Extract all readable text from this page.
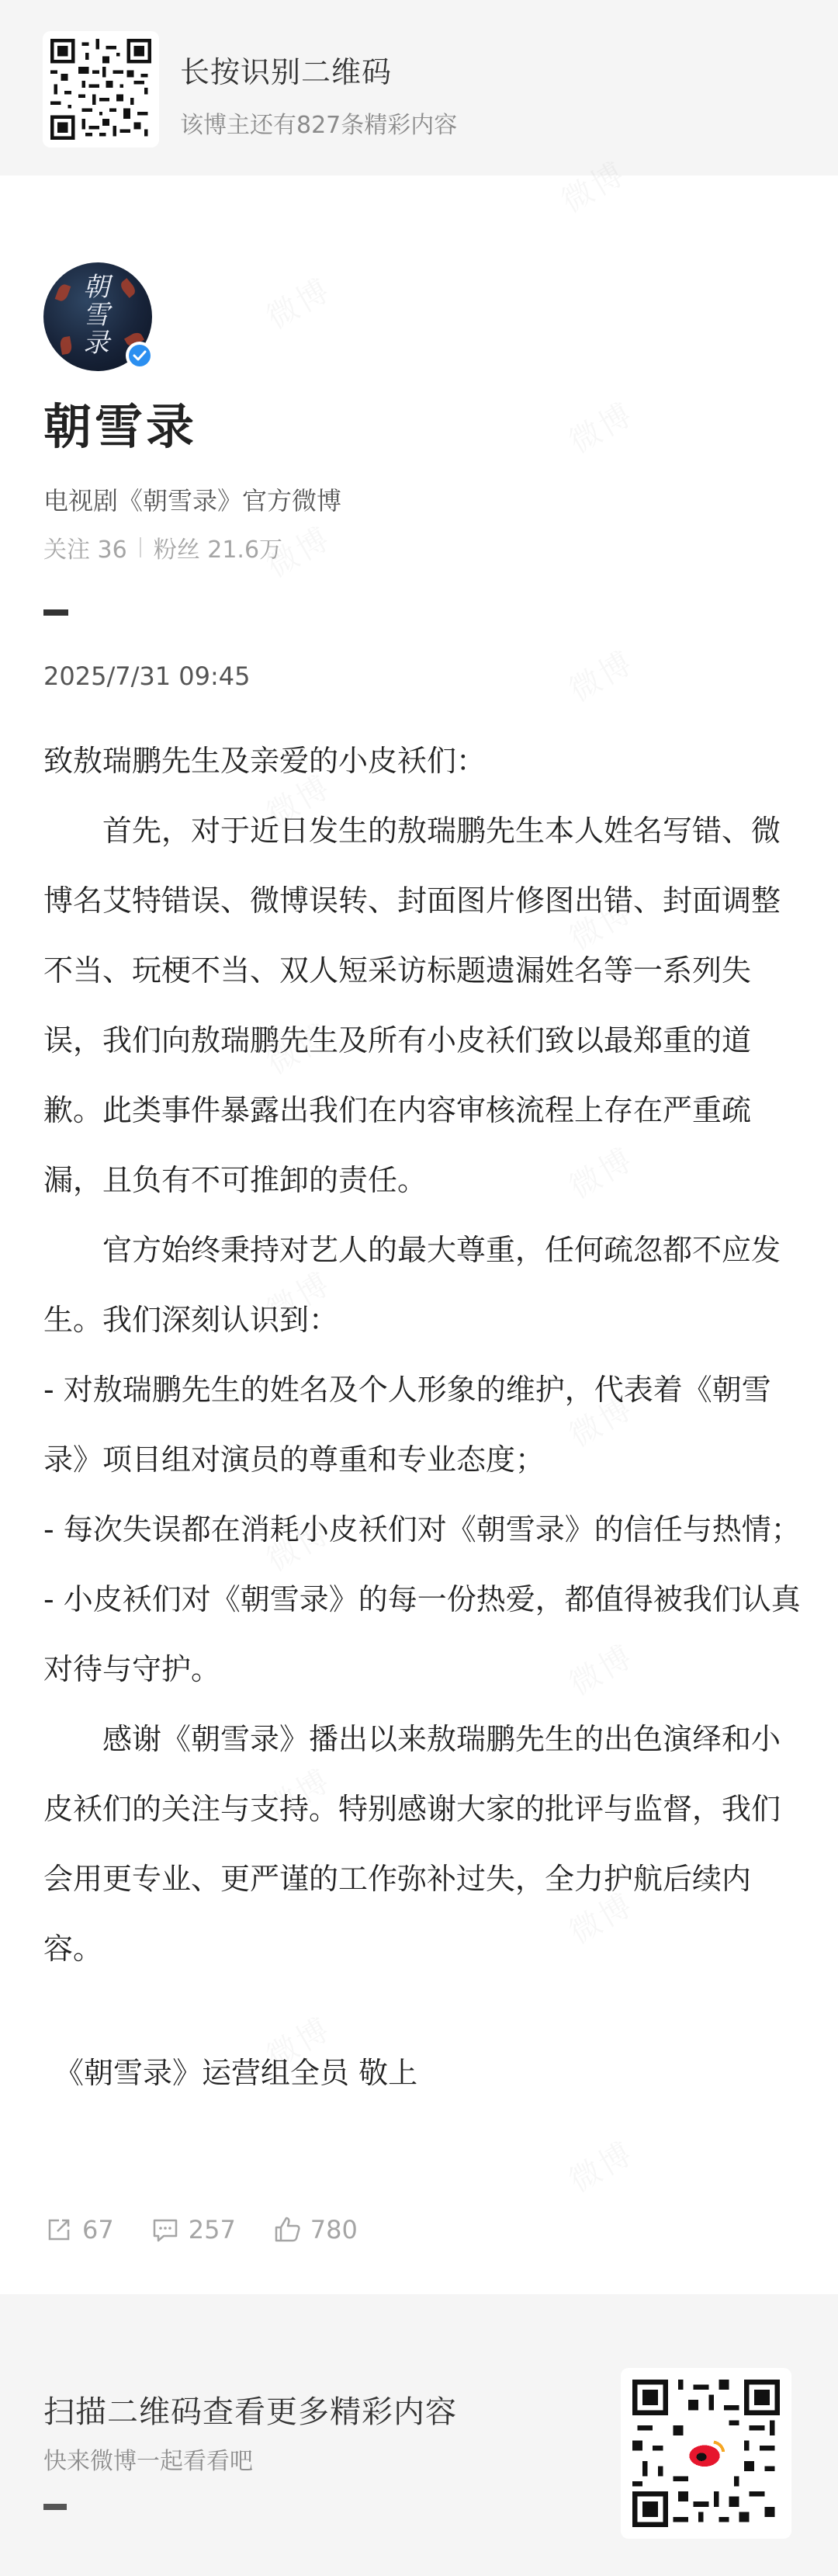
长按识别二维码
该博主还有827条精彩内容
朝雪录
朝雪录
电视剧《朝雪录》官方微博
关注 36 粉丝 21.6万
2025/7/31 09:45

致敖瑞鹏先生及亲爱的小皮袄们：

首先，对于近日发生的敖瑞鹏先生本人姓名写错、微博名艾特错误、微博误转、封面图片修图出错、封面调整不当、玩梗不当、双人短采访标题遗漏姓名等一系列失误，我们向敖瑞鹏先生及所有小皮袄们致以最郑重的道歉。此类事件暴露出我们在内容审核流程上存在严重疏漏，且负有不可推卸的责任。

官方始终秉持对艺人的最大尊重，任何疏忽都不应发生。我们深刻认识到：

- 对敖瑞鹏先生的姓名及个人形象的维护，代表着《朝雪录》项目组对演员的尊重和专业态度；

- 每次失误都在消耗小皮袄们对《朝雪录》的信任与热情；

- 小皮袄们对《朝雪录》的每一份热爱，都值得被我们认真对待与守护。

感谢《朝雪录》播出以来敖瑞鹏先生的出色演绎和小皮袄们的关注与支持。特别感谢大家的批评与监督，我们会用更专业、更严谨的工作弥补过失，全力护航后续内容。

《朝雪录》运营组全员 敬上

67	257	780
扫描二维码查看更多精彩内容
快来微博一起看看吧
